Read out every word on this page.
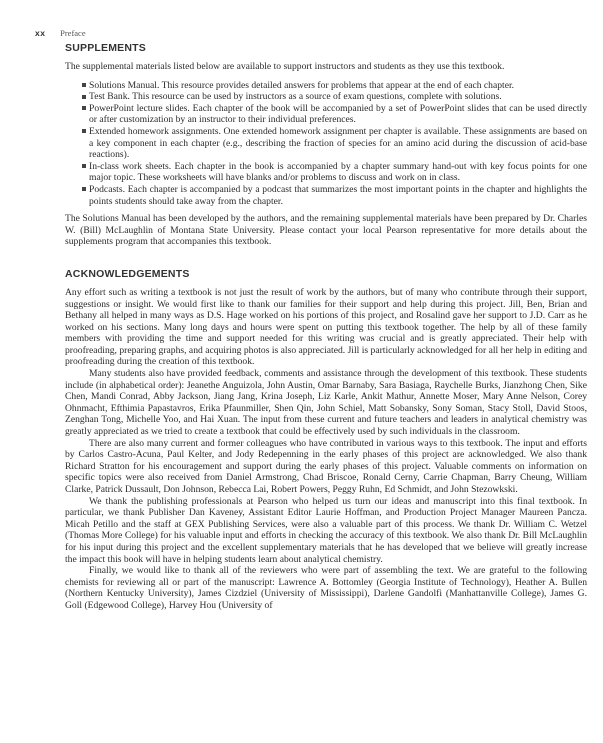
xx Preface
SUPPLEMENTS

The supplemental materials listed below are available to support instructors and students as they use this textbook.

Solutions Manual. This resource provides detailed answers for problems that appear at the end of each chapter.
Test Bank. This resource can be used by instructors as a source of exam questions, complete with solutions.
PowerPoint lecture slides. Each chapter of the book will be accompanied by a set of PowerPoint slides that can be used directly or after customization by an instructor to their individual preferences.
Extended homework assignments. One extended homework assignment per chapter is available. These assignments are based on a key component in each chapter (e.g., describing the fraction of species for an amino acid during the discussion of acid-base reactions).
In-class work sheets. Each chapter in the book is accompanied by a chapter summary hand-out with key focus points for one major topic. These worksheets will have blanks and/or problems to discuss and work on in class.
Podcasts. Each chapter is accompanied by a podcast that summarizes the most important points in the chapter and highlights the points students should take away from the chapter.

The Solutions Manual has been developed by the authors, and the remaining supplemental materials have been prepared by Dr. Charles W. (Bill) McLaughlin of Montana State University. Please contact your local Pearson representative for more details about the supplements program that accompanies this textbook.

ACKNOWLEDGEMENTS

Any effort such as writing a textbook is not just the result of work by the authors, but of many who contribute through their support, suggestions or insight. We would first like to thank our families for their support and help during this project. Jill, Ben, Brian and Bethany all helped in many ways as D.S. Hage worked on his portions of this project, and Rosalind gave her support to J.D. Carr as he worked on his sections. Many long days and hours were spent on putting this textbook together. The help by all of these family members with providing the time and support needed for this writing was crucial and is greatly appreciated. Their help with proofreading, preparing graphs, and acquiring photos is also appreciated. Jill is particularly acknowledged for all her help in editing and proofreading during the creation of this textbook.

Many students also have provided feedback, comments and assistance through the development of this textbook. These students include (in alphabetical order): Jeanethe Anguizola, John Austin, Omar Barnaby, Sara Basiaga, Raychelle Burks, Jianzhong Chen, Sike Chen, Mandi Conrad, Abby Jackson, Jiang Jang, Krina Joseph, Liz Karle, Ankit Mathur, Annette Moser, Mary Anne Nelson, Corey Ohnmacht, Efthimia Papastavros, Erika Pfaunmiller, Shen Qin, John Schiel, Matt Sobansky, Sony Soman, Stacy Stoll, David Stoos, Zenghan Tong, Michelle Yoo, and Hai Xuan. The input from these current and future teachers and leaders in analytical chemistry was greatly appreciated as we tried to create a textbook that could be effectively used by such individuals in the classroom.

There are also many current and former colleagues who have contributed in various ways to this textbook. The input and efforts by Carlos Castro-Acuna, Paul Kelter, and Jody Redepenning in the early phases of this project are acknowledged. We also thank Richard Stratton for his encouragement and support during the early phases of this project. Valuable comments on information on specific topics were also received from Daniel Armstrong, Chad Briscoe, Ronald Cerny, Carrie Chapman, Barry Cheung, William Clarke, Patrick Dussault, Don Johnson, Rebecca Lai, Robert Powers, Peggy Ruhn, Ed Schmidt, and John Stezowkski.

We thank the publishing professionals at Pearson who helped us turn our ideas and manuscript into this final textbook. In particular, we thank Publisher Dan Kaveney, Assistant Editor Laurie Hoffman, and Production Project Manager Maureen Pancza. Micah Petillo and the staff at GEX Publishing Services, were also a valuable part of this process. We thank Dr. William C. Wetzel (Thomas More College) for his valuable input and efforts in checking the accuracy of this textbook. We also thank Dr. Bill McLaughlin for his input during this project and the excellent supplementary materials that he has developed that we believe will greatly increase the impact this book will have in helping students learn about analytical chemistry.

Finally, we would like to thank all of the reviewers who were part of assembling the text. We are grateful to the following chemists for reviewing all or part of the manuscript: Lawrence A. Bottomley (Georgia Institute of Technology), Heather A. Bullen (Northern Kentucky University), James Cizdziel (University of Mississippi), Darlene Gandolfi (Manhattanville College), James G. Goll (Edgewood College), Harvey Hou (University of
